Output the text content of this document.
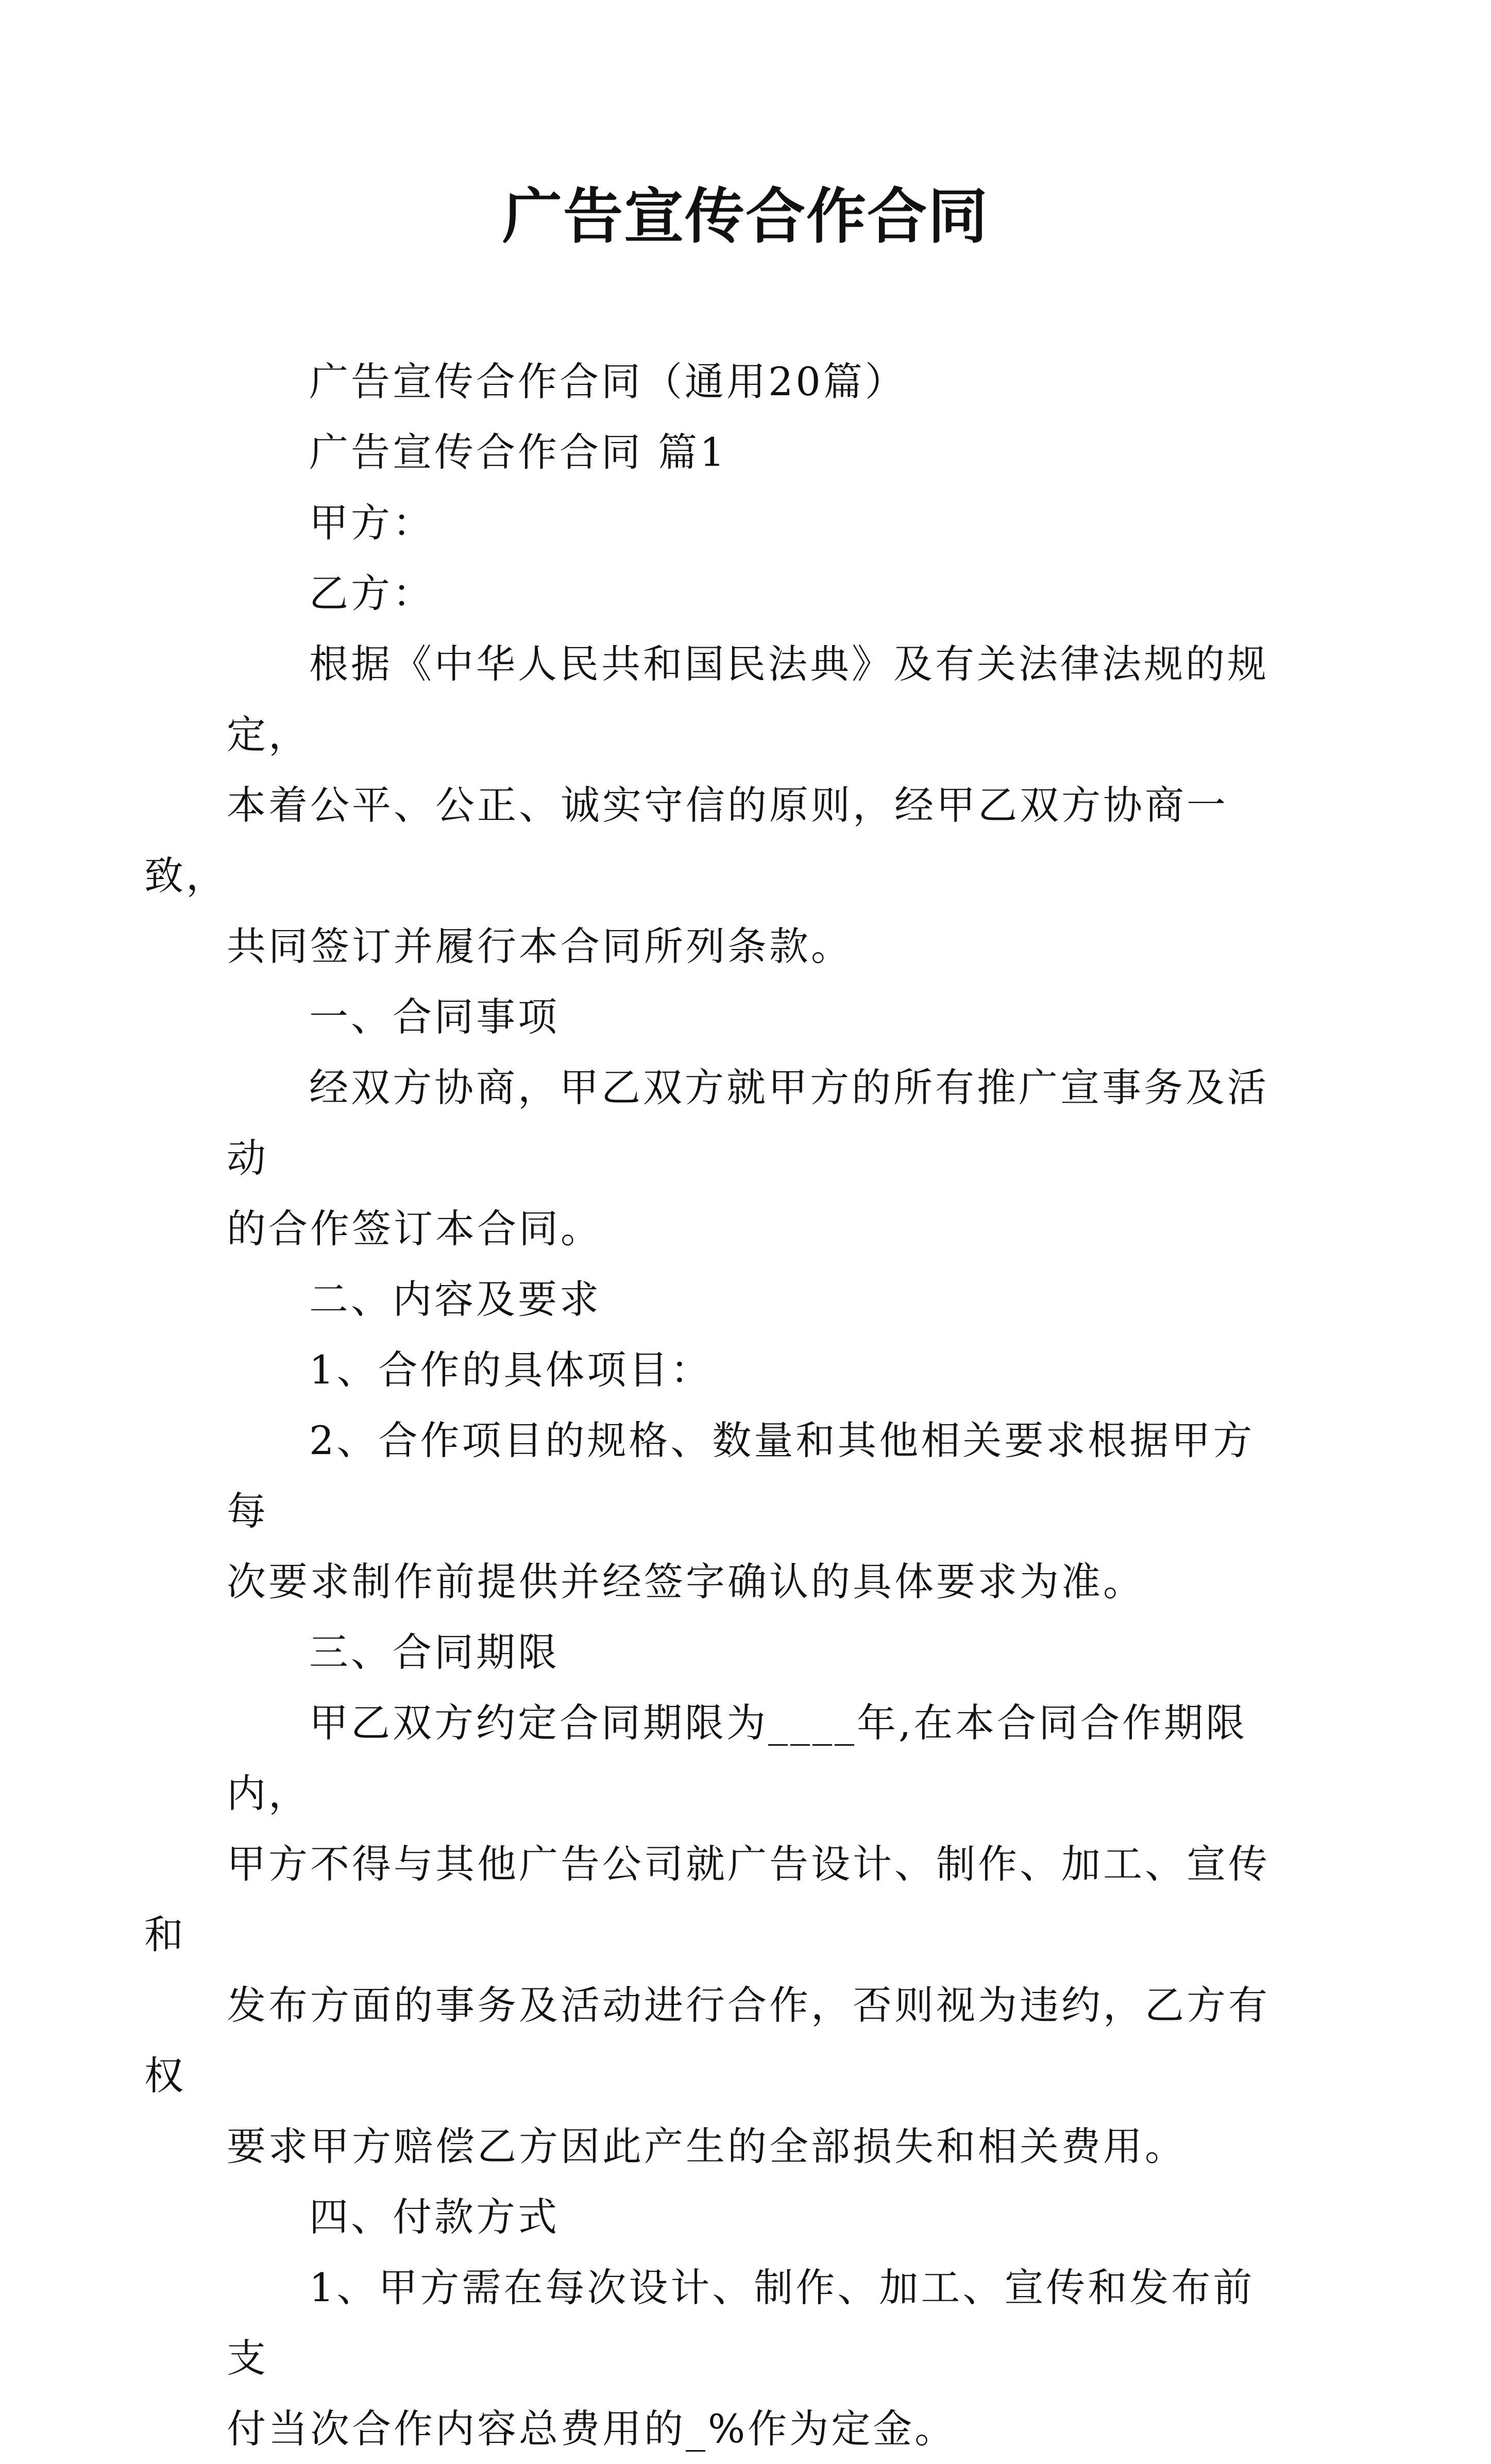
广告宣传合作合同

广告宣传合作合同（通用20篇）

广告宣传合作合同 篇1

甲方：

乙方：

根据《中华人民共和国民法典》及有关法律法规的规定，
本着公平、公正、诚实守信的原则，经甲乙双方协商一致，
共同签订并履行本合同所列条款。

一、合同事项

经双方协商，甲乙双方就甲方的所有推广宣事务及活动
的合作签订本合同。

二、内容及要求

1、合作的具体项目：

2、合作项目的规格、数量和其他相关要求根据甲方每
次要求制作前提供并经签字确认的具体要求为准。

三、合同期限

甲乙双方约定合同期限为____年,在本合同合作期限内，
甲方不得与其他广告公司就广告设计、制作、加工、宣传和
发布方面的事务及活动进行合作，否则视为违约，乙方有权
要求甲方赔偿乙方因此产生的全部损失和相关费用。

四、付款方式

1、甲方需在每次设计、制作、加工、宣传和发布前支
付当次合作内容总费用的_%作为定金。
